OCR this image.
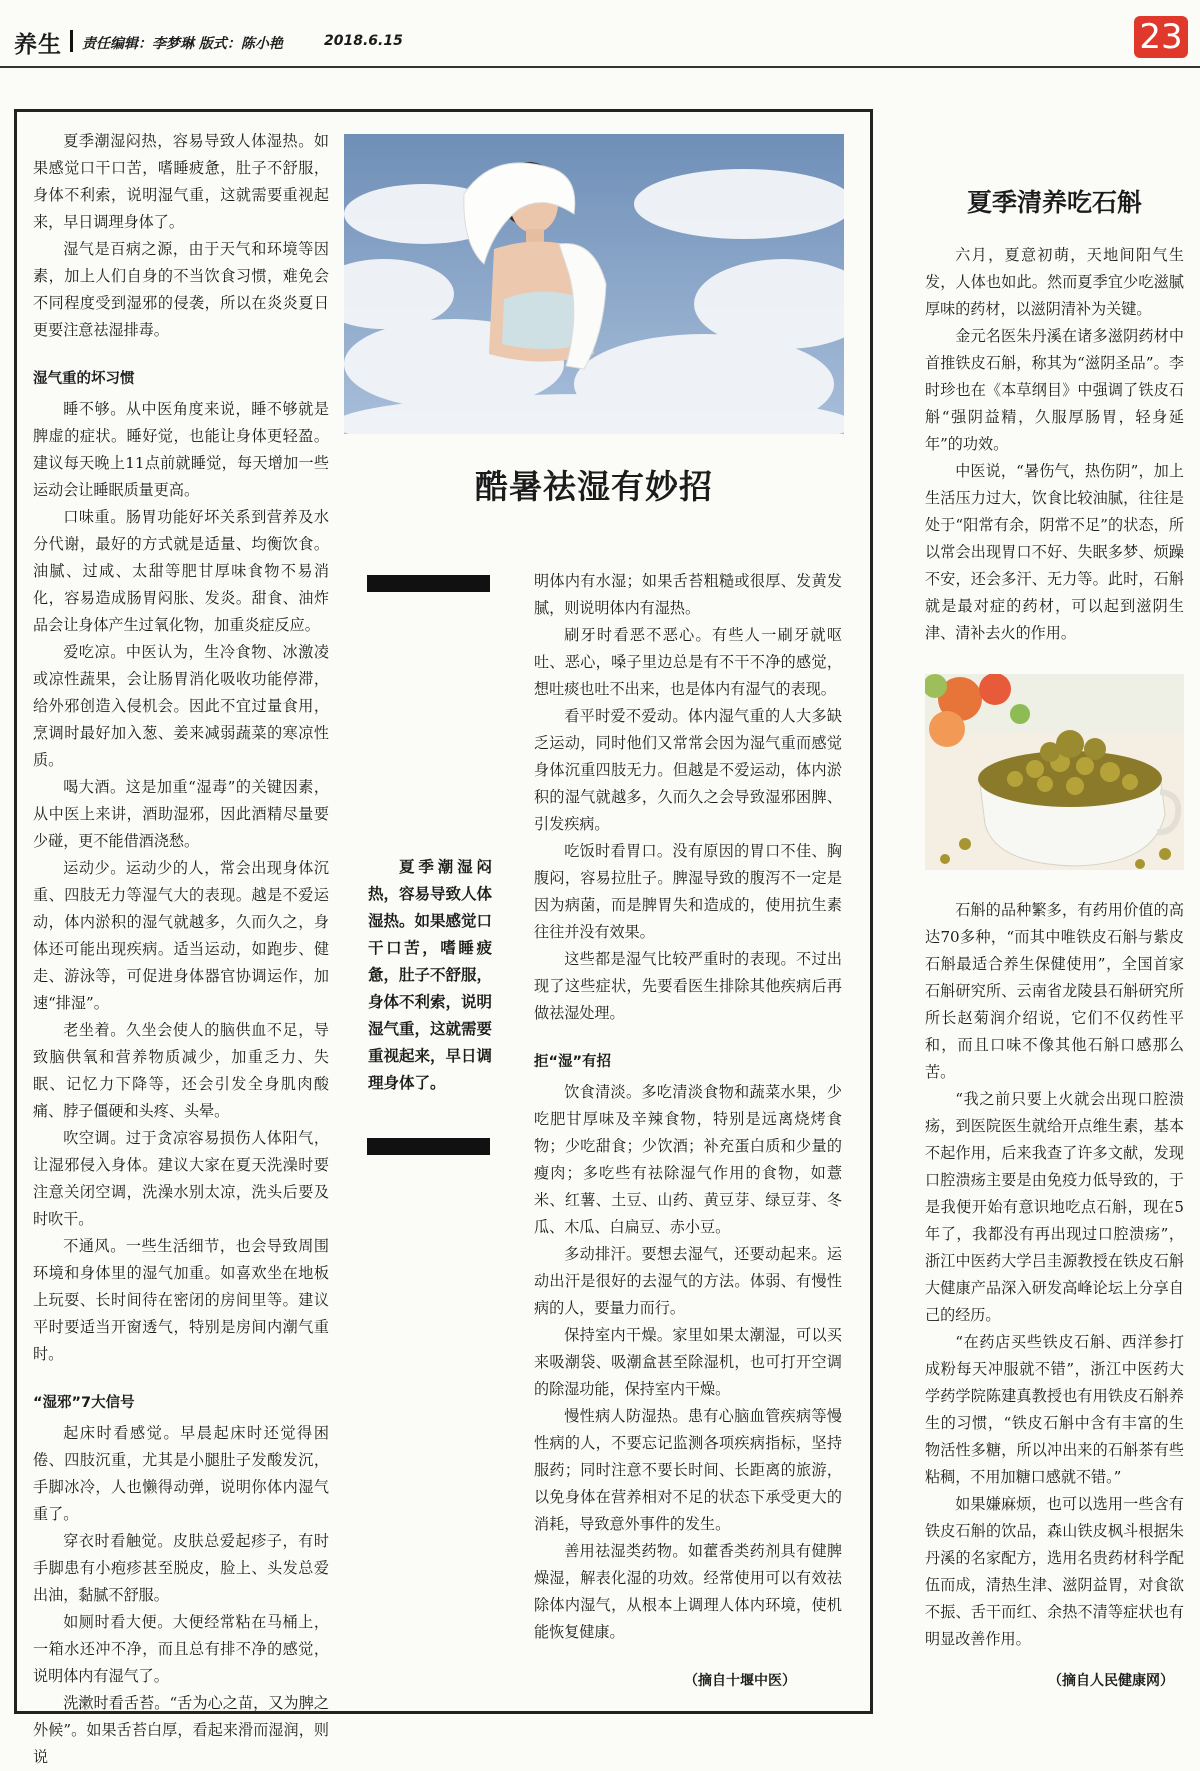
养生 责任编辑：李梦琳 版式：陈小艳	2018.6.15	23

夏季潮湿闷热，容易导致人体湿热。如果感觉口干口苦，嗜睡疲惫，肚子不舒服，身体不利索，说明湿气重，这就需要重视起来，早日调理身体了。

湿气是百病之源，由于天气和环境等因素，加上人们自身的不当饮食习惯，难免会不同程度受到湿邪的侵袭，所以在炎炎夏日更要注意祛湿排毒。

湿气重的坏习惯

睡不够。从中医角度来说，睡不够就是脾虚的症状。睡好觉，也能让身体更轻盈。建议每天晚上11点前就睡觉，每天增加一些运动会让睡眠质量更高。

口味重。肠胃功能好坏关系到营养及水分代谢，最好的方式就是适量、均衡饮食。油腻、过咸、太甜等肥甘厚味食物不易消化，容易造成肠胃闷胀、发炎。甜食、油炸品会让身体产生过氧化物，加重炎症反应。

爱吃凉。中医认为，生冷食物、冰激凌或凉性蔬果，会让肠胃消化吸收功能停滞，给外邪创造入侵机会。因此不宜过量食用，烹调时最好加入葱、姜来减弱蔬菜的寒凉性质。

喝大酒。这是加重“湿毒”的关键因素，从中医上来讲，酒助湿邪，因此酒精尽量要少碰，更不能借酒浇愁。

运动少。运动少的人，常会出现身体沉重、四肢无力等湿气大的表现。越是不爱运动，体内淤积的湿气就越多，久而久之，身体还可能出现疾病。适当运动，如跑步、健走、游泳等，可促进身体器官协调运作，加速“排湿”。

老坐着。久坐会使人的脑供血不足，导致脑供氧和营养物质减少，加重乏力、失眠、记忆力下降等，还会引发全身肌肉酸痛、脖子僵硬和头疼、头晕。

吹空调。过于贪凉容易损伤人体阳气，让湿邪侵入身体。建议大家在夏天洗澡时要注意关闭空调，洗澡水别太凉，洗头后要及时吹干。

不通风。一些生活细节，也会导致周围环境和身体里的湿气加重。如喜欢坐在地板上玩耍、长时间待在密闭的房间里等。建议平时要适当开窗透气，特别是房间内潮气重时。

“湿邪”7大信号

起床时看感觉。早晨起床时还觉得困倦、四肢沉重，尤其是小腿肚子发酸发沉，手脚冰冷，人也懒得动弹，说明你体内湿气重了。

穿衣时看触觉。皮肤总爱起疹子，有时手脚患有小疱疹甚至脱皮，脸上、头发总爱出油，黏腻不舒服。

如厕时看大便。大便经常粘在马桶上，一箱水还冲不净，而且总有排不净的感觉，说明体内有湿气了。

洗漱时看舌苔。“舌为心之苗，又为脾之外候”。如果舌苔白厚，看起来滑而湿润，则说

酷暑祛湿有妙招

夏季潮湿闷热，容易导致人体湿热。如果感觉口干口苦，嗜睡疲惫，肚子不舒服，身体不利索，说明湿气重，这就需要重视起来，早日调理身体了。

明体内有水湿；如果舌苔粗糙或很厚、发黄发腻，则说明体内有湿热。

刷牙时看恶不恶心。有些人一刷牙就呕吐、恶心，嗓子里边总是有不干不净的感觉，想吐痰也吐不出来，也是体内有湿气的表现。

看平时爱不爱动。体内湿气重的人大多缺乏运动，同时他们又常常会因为湿气重而感觉身体沉重四肢无力。但越是不爱运动，体内淤积的湿气就越多，久而久之会导致湿邪困脾、引发疾病。

吃饭时看胃口。没有原因的胃口不佳、胸腹闷，容易拉肚子。脾湿导致的腹泻不一定是因为病菌，而是脾胃失和造成的，使用抗生素往往并没有效果。

这些都是湿气比较严重时的表现。不过出现了这些症状，先要看医生排除其他疾病后再做祛湿处理。

拒“湿”有招

饮食清淡。多吃清淡食物和蔬菜水果，少吃肥甘厚味及辛辣食物，特别是远离烧烤食物；少吃甜食；少饮酒；补充蛋白质和少量的瘦肉；多吃些有祛除湿气作用的食物，如薏米、红薯、土豆、山药、黄豆芽、绿豆芽、冬瓜、木瓜、白扁豆、赤小豆。

多动排汗。要想去湿气，还要动起来。运动出汗是很好的去湿气的方法。体弱、有慢性病的人，要量力而行。

保持室内干燥。家里如果太潮湿，可以买来吸潮袋、吸潮盒甚至除湿机，也可打开空调的除湿功能，保持室内干燥。

慢性病人防湿热。患有心脑血管疾病等慢性病的人，不要忘记监测各项疾病指标，坚持服药；同时注意不要长时间、长距离的旅游，以免身体在营养相对不足的状态下承受更大的消耗，导致意外事件的发生。

善用祛湿类药物。如藿香类药剂具有健脾燥湿，解表化湿的功效。经常使用可以有效祛除体内湿气，从根本上调理人体内环境，使机能恢复健康。

（摘自十堰中医）
夏季清养吃石斛

六月，夏意初萌，天地间阳气生发，人体也如此。然而夏季宜少吃滋腻厚味的药材，以滋阴清补为关键。

金元名医朱丹溪在诸多滋阴药材中首推铁皮石斛，称其为“滋阴圣品”。李时珍也在《本草纲目》中强调了铁皮石斛“强阴益精，久服厚肠胃，轻身延年”的功效。

中医说，“暑伤气，热伤阴”，加上生活压力过大，饮食比较油腻，往往是处于“阳常有余，阴常不足”的状态，所以常会出现胃口不好、失眠多梦、烦躁不安，还会多汗、无力等。此时，石斛就是最对症的药材，可以起到滋阴生津、清补去火的作用。

石斛的品种繁多，有药用价值的高达70多种，“而其中唯铁皮石斛与紫皮石斛最适合养生保健使用”，全国首家石斛研究所、云南省龙陵县石斛研究所所长赵菊润介绍说，它们不仅药性平和，而且口味不像其他石斛口感那么苦。

“我之前只要上火就会出现口腔溃疡，到医院医生就给开点维生素，基本不起作用，后来我查了许多文献，发现口腔溃疡主要是由免疫力低导致的，于是我便开始有意识地吃点石斛，现在5年了，我都没有再出现过口腔溃疡”，浙江中医药大学吕圭源教授在铁皮石斛大健康产品深入研发高峰论坛上分享自己的经历。

“在药店买些铁皮石斛、西洋参打成粉每天冲服就不错”，浙江中医药大学药学院陈建真教授也有用铁皮石斛养生的习惯，“铁皮石斛中含有丰富的生物活性多糖，所以冲出来的石斛茶有些粘稠，不用加糖口感就不错。”

如果嫌麻烦，也可以选用一些含有铁皮石斛的饮品，森山铁皮枫斗根据朱丹溪的名家配方，选用名贵药材科学配伍而成，清热生津、滋阴益胃，对食欲不振、舌干而红、余热不清等症状也有明显改善作用。

（摘自人民健康网）
